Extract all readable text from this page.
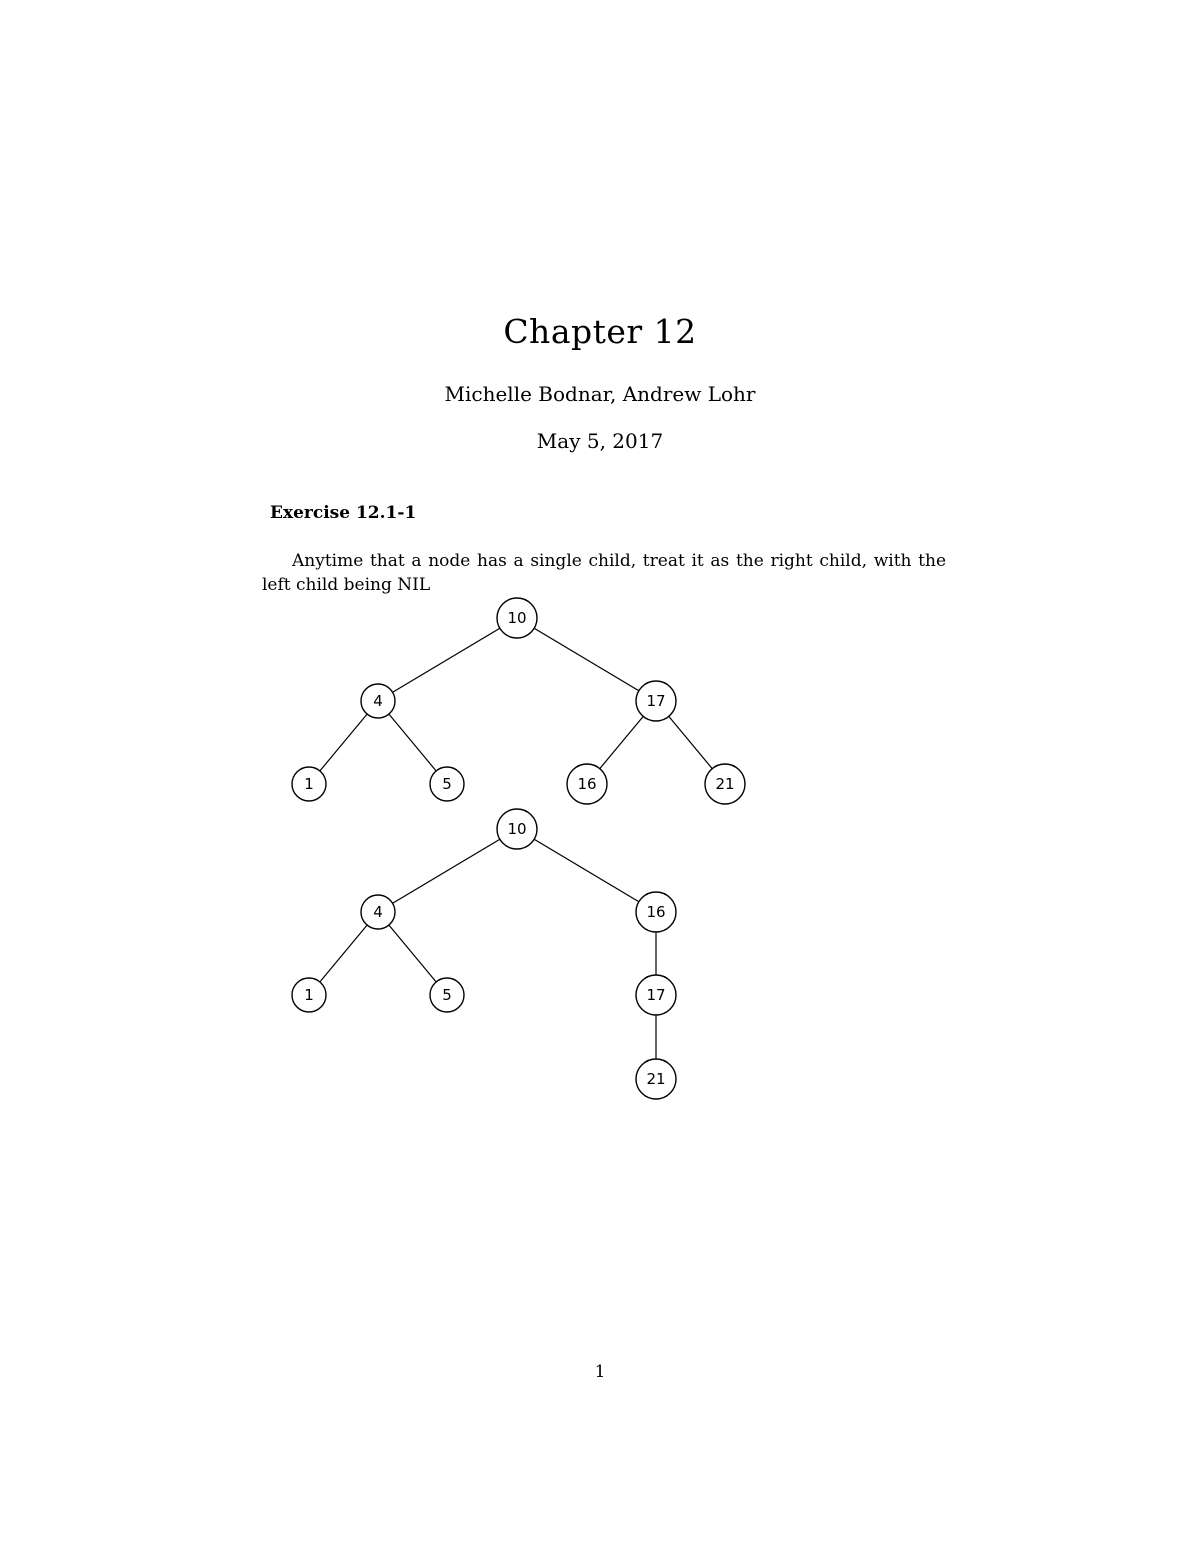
Chapter 12
Michelle Bodnar, Andrew Lohr
May 5, 2017
Exercise 12.1-1
Anytime that a node has a single child, treat it as the right child, with the left child being NIL
10
4	17
1	5	16	21
10
4	16
1	5	17
21
1
